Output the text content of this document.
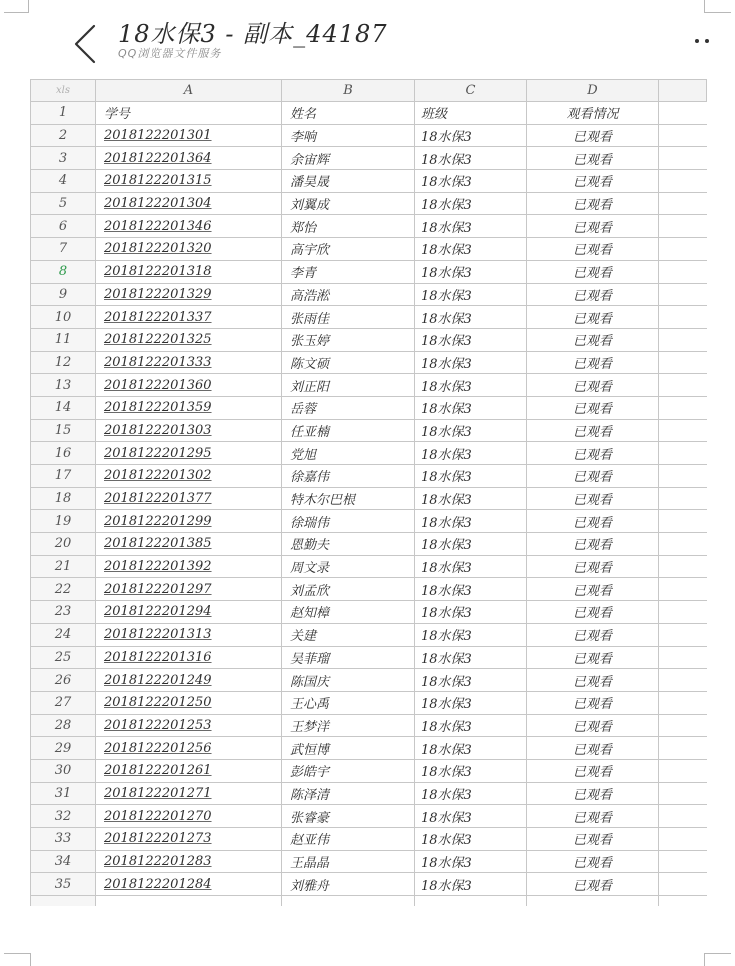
18水保3 - 副本_44187
QQ浏览器文件服务
xls	A	B	C	D	
1	学号	姓名	班级	观看情况	
2	2018122201301	李响	18水保3	已观看	
3	2018122201364	余宙辉	18水保3	已观看	
4	2018122201315	潘昊晟	18水保3	已观看	
5	2018122201304	刘翼成	18水保3	已观看	
6	2018122201346	郑怡	18水保3	已观看	
7	2018122201320	高宇欣	18水保3	已观看	
8	2018122201318	李青	18水保3	已观看	
9	2018122201329	高浩淞	18水保3	已观看	
10	2018122201337	张雨佳	18水保3	已观看	
11	2018122201325	张玉婷	18水保3	已观看	
12	2018122201333	陈文硕	18水保3	已观看	
13	2018122201360	刘正阳	18水保3	已观看	
14	2018122201359	岳蓉	18水保3	已观看	
15	2018122201303	任亚楠	18水保3	已观看	
16	2018122201295	党旭	18水保3	已观看	
17	2018122201302	徐嘉伟	18水保3	已观看	
18	2018122201377	特木尔巴根	18水保3	已观看	
19	2018122201299	徐瑞伟	18水保3	已观看	
20	2018122201385	恩勤夫	18水保3	已观看	
21	2018122201392	周文录	18水保3	已观看	
22	2018122201297	刘孟欣	18水保3	已观看	
23	2018122201294	赵知樟	18水保3	已观看	
24	2018122201313	关建	18水保3	已观看	
25	2018122201316	吴菲瑠	18水保3	已观看	
26	2018122201249	陈国庆	18水保3	已观看	
27	2018122201250	王心禹	18水保3	已观看	
28	2018122201253	王梦洋	18水保3	已观看	
29	2018122201256	武恒博	18水保3	已观看	
30	2018122201261	彭皓宇	18水保3	已观看	
31	2018122201271	陈泽清	18水保3	已观看	
32	2018122201270	张睿豪	18水保3	已观看	
33	2018122201273	赵亚伟	18水保3	已观看	
34	2018122201283	王晶晶	18水保3	已观看	
35	2018122201284	刘雅舟	18水保3	已观看	
